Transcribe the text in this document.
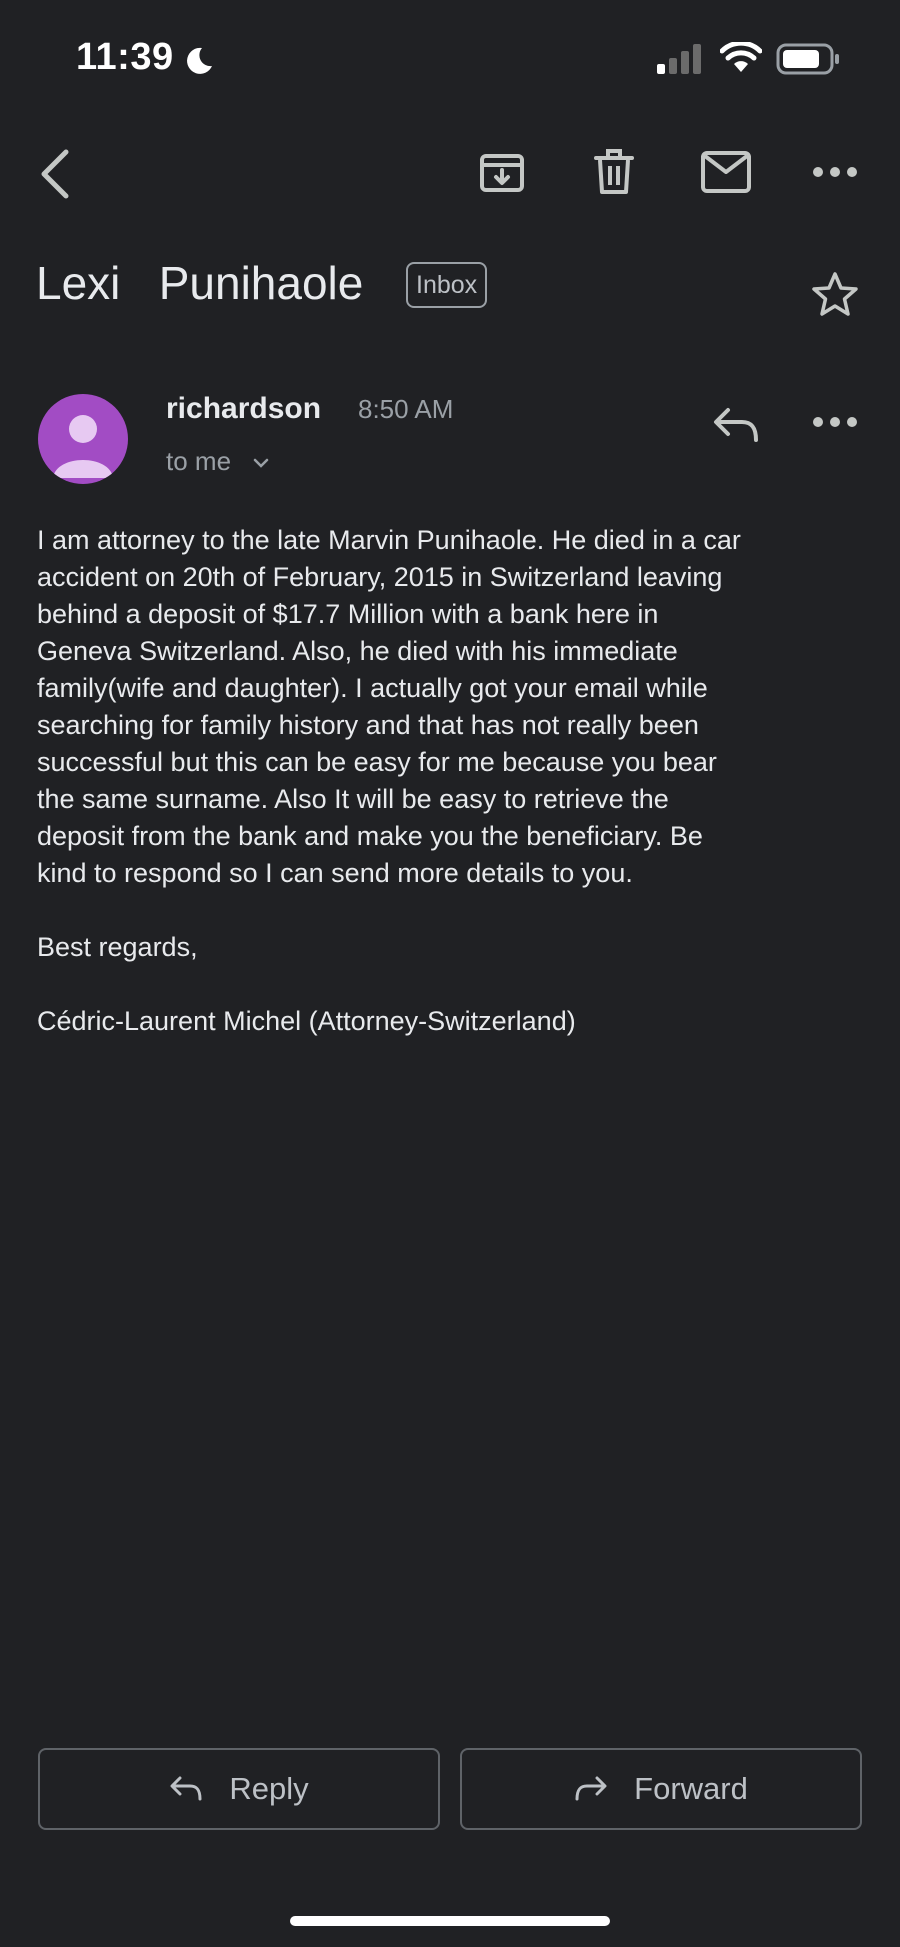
11:39
Lexi   Punihaole	Inbox
richardson 8:50 AM
to me

I am attorney to the late Marvin Punihaole. He died in a car
accident on 20th of February, 2015 in Switzerland leaving
behind a deposit of $17.7 Million with a bank here in
Geneva Switzerland. Also, he died with his immediate
family(wife and daughter). I actually got your email while
searching for family history and that has not really been
successful but this can be easy for me because you bear
the same surname. Also It will be easy to retrieve the
deposit from the bank and make you the beneficiary. Be
kind to respond so I can send more details to you.

Best regards,

Cédric-Laurent Michel (Attorney-Switzerland)

Reply	Forward
